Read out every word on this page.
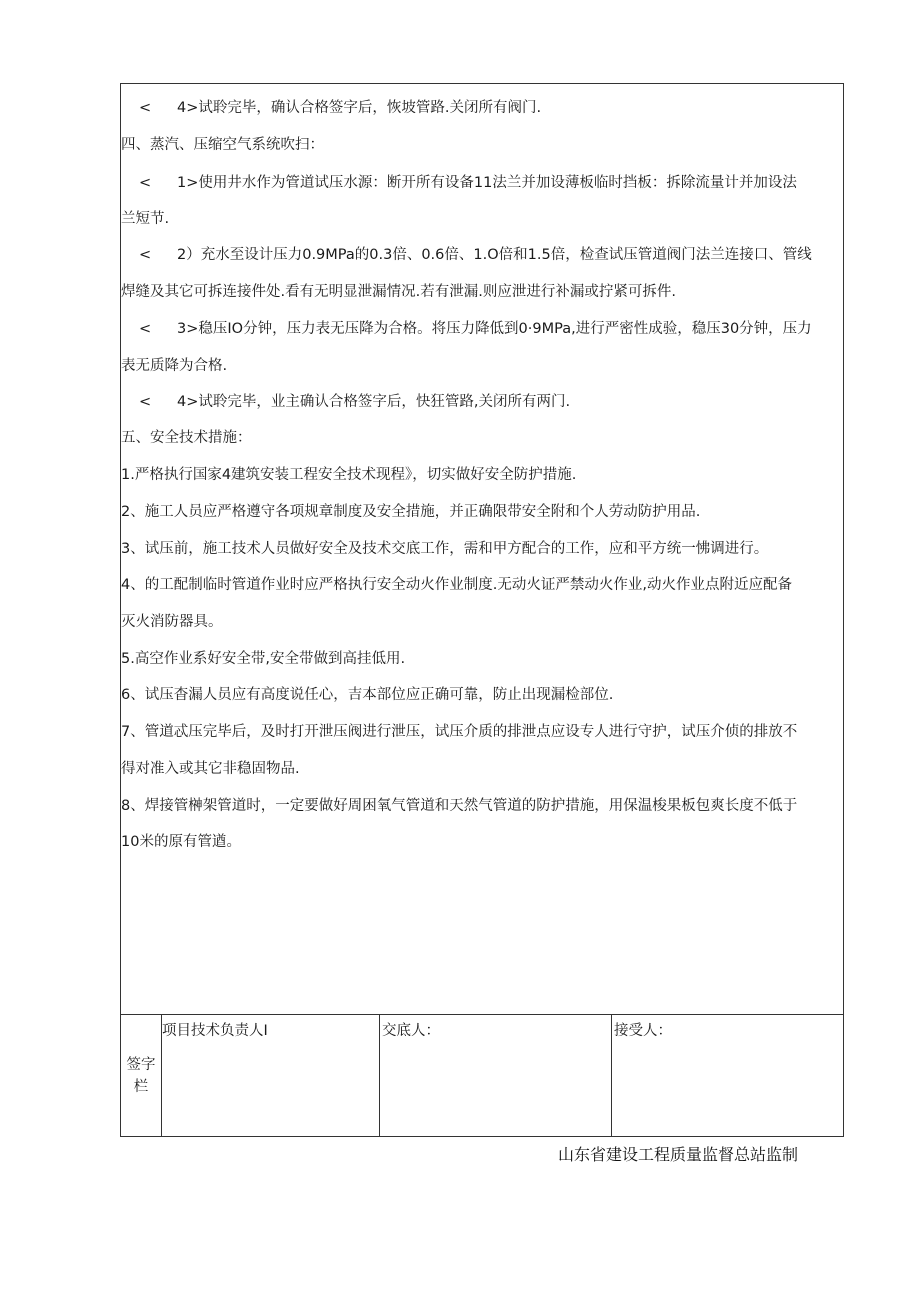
< 4>试聆完毕，确认合格签字后，恢坡管路.关闭所有阀门.
四、蒸汽、压缩空气系统吹扫：
< 1>使用井水作为管道试压水源：断开所有设备11法兰并加设薄板临时挡板：拆除流量计并加设法
兰短节.
< 2）充水至设计压力0.9MPa的0.3倍、0.6倍、1.O倍和1.5倍，检查试压管道阀门法兰连接口、管线
焊缝及其它可拆连接件处.看有无明显泄漏情况.若有泄漏.则应泄进行补漏或拧紧可拆件.
< 3>稳压IO分钟，压力表无压降为合格。将压力降低到0·9MPa,进行严密性成验，稳压30分钟，压力
表无质降为合格.
< 4>试聆完毕，业主确认合格签字后，快狂管路,关闭所有两门.
五、安全技术措施：
1.严格执行国家4建筑安装工程安全技术现程》，切实做好安全防护措施.
2、施工人员应严格遵守各项规章制度及安全措施，并正确限带安全附和个人劳动防护用品.
3、试压前，施工技术人员做好安全及技术交底工作，需和甲方配合的工作，应和平方统一怫调进行。
4、的工配制临时管道作业时应严格执行安全动火作业制度.无动火证严禁动火作业,动火作业点附近应配备
灭火消防器具。
5.高空作业系好安全带,安全带做到高挂低用.
6、试压杳漏人员应有高度说任心，吉本部位应正确可靠，防止出现漏检部位.
7、管道忒压完毕后，及时打开泄压阀进行泄压，试压介质的排泄点应设专人进行守护，试压介侦的排放不
得对准入或其它非稳固物品.
8、焊接管榊架管道时，一定要做好周困氧气管道和天然气管道的防护措施，用保温梭果板包爽长度不低于
10米的原有管遒。
签字
栏
项目技术负责人I	交底人：	接受人：
山东省建设工程质量监督总站监制
